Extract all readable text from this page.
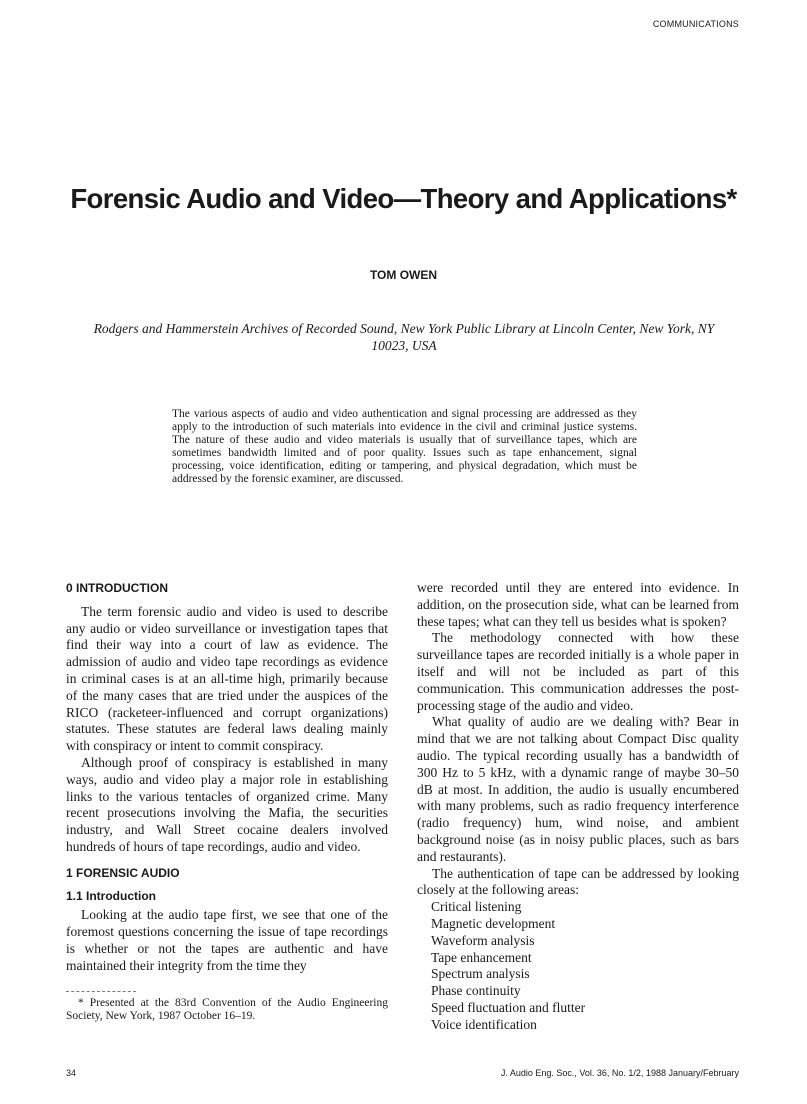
COMMUNICATIONS
Forensic Audio and Video—Theory and Applications*
TOM OWEN
Rodgers and Hammerstein Archives of Recorded Sound, New York Public Library at Lincoln Center, New York, NY 10023, USA
The various aspects of audio and video authentication and signal processing are addressed as they apply to the introduction of such materials into evidence in the civil and criminal justice systems. The nature of these audio and video materials is usually that of surveillance tapes, which are sometimes bandwidth limited and of poor quality. Issues such as tape enhancement, signal processing, voice identification, editing or tampering, and physical degradation, which must be addressed by the forensic examiner, are discussed.
0 INTRODUCTION

The term forensic audio and video is used to describe any audio or video surveillance or investigation tapes that find their way into a court of law as evidence. The admission of audio and video tape recordings as evidence in criminal cases is at an all-time high, primarily because of the many cases that are tried under the auspices of the RICO (racketeer-influenced and corrupt organizations) statutes. These statutes are federal laws dealing mainly with conspiracy or intent to commit conspiracy.

Although proof of conspiracy is established in many ways, audio and video play a major role in establishing links to the various tentacles of organized crime. Many recent prosecutions involving the Mafia, the securities industry, and Wall Street cocaine dealers involved hundreds of hours of tape recordings, audio and video.

1 FORENSIC AUDIO
1.1 Introduction

Looking at the audio tape first, we see that one of the foremost questions concerning the issue of tape recordings is whether or not the tapes are authentic and have maintained their integrity from the time they

* Presented at the 83rd Convention of the Audio Engineering Society, New York, 1987 October 16–19.

were recorded until they are entered into evidence. In addition, on the prosecution side, what can be learned from these tapes; what can they tell us besides what is spoken?

The methodology connected with how these surveillance tapes are recorded initially is a whole paper in itself and will not be included as part of this communication. This communication addresses the post-processing stage of the audio and video.

What quality of audio are we dealing with? Bear in mind that we are not talking about Compact Disc quality audio. The typical recording usually has a bandwidth of 300 Hz to 5 kHz, with a dynamic range of maybe 30–50 dB at most. In addition, the audio is usually encumbered with many problems, such as radio frequency interference (radio frequency) hum, wind noise, and ambient background noise (as in noisy public places, such as bars and restaurants).

The authentication of tape can be addressed by looking closely at the following areas:

Critical listening
Magnetic development
Waveform analysis
Tape enhancement
Spectrum analysis
Phase continuity
Speed fluctuation and flutter
Voice identification
34	J. Audio Eng. Soc., Vol. 36, No. 1/2, 1988 January/February
